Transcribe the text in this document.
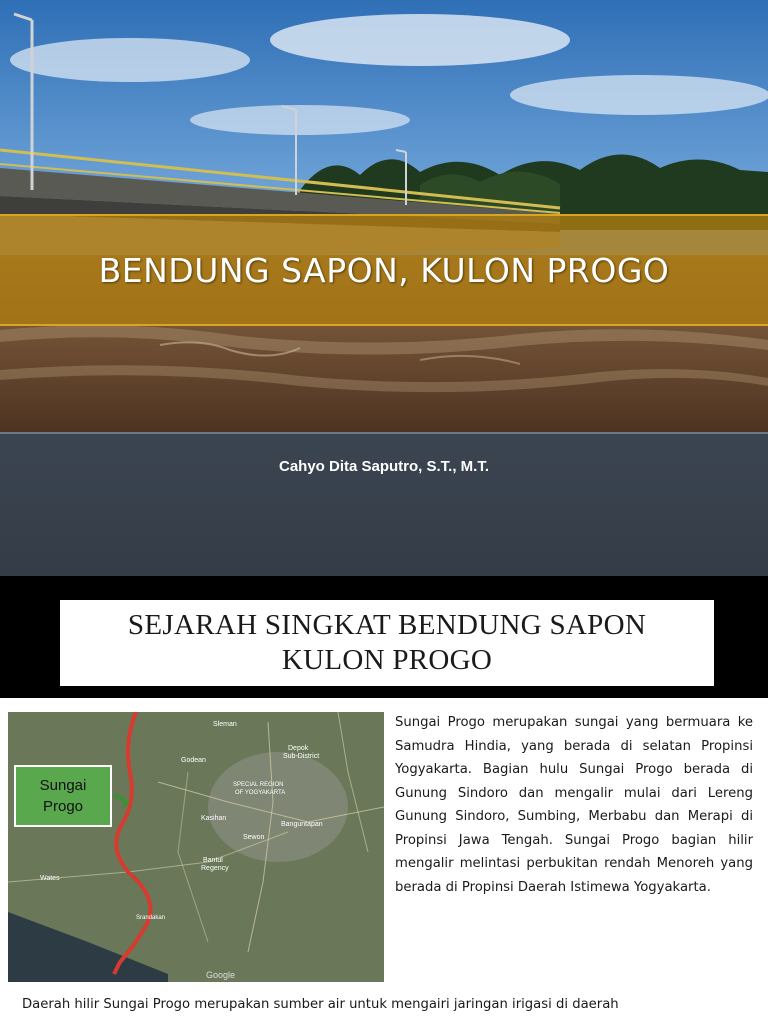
BENDUNG SAPON, KULON PROGO
Cahyo Dita Saputro, S.T., M.T.
SEJARAH SINGKAT BENDUNG SAPON
KULON PROGO
Sleman
Godean
Depok
Sub-District
SPECIAL REGION
OF YOGYAKARTA
Kasihan
Banguntapan
Sewon
Bantul
Regency
Wates
Srandakan
Google
Sungai
Progo

Sungai Progo merupakan sungai yang bermuara ke Samudra Hindia, yang berada di selatan Propinsi Yogyakarta. Bagian hulu Sungai Progo berada di Gunung Sindoro dan mengalir mulai dari Lereng Gunung Sindoro, Sumbing, Merbabu dan Merapi di Propinsi Jawa Tengah. Sungai Progo bagian hilir mengalir melintasi perbukitan rendah Menoreh yang berada di Propinsi Daerah Istimewa Yogyakarta.

Daerah hilir Sungai Progo merupakan sumber air untuk mengairi jaringan irigasi di daerah
